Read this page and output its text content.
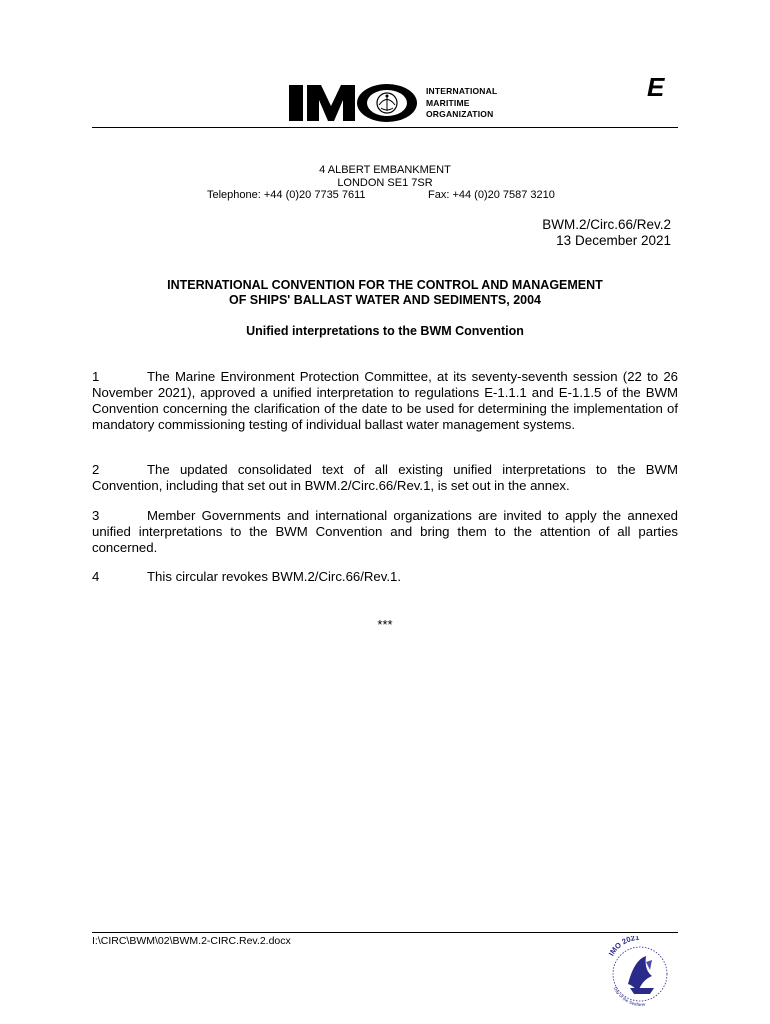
INTERNATIONAL
MARITIME
ORGANIZATION
E
4 ALBERT EMBANKMENT
LONDON SE1 7SR
Telephone: +44 (0)20 7735 7611	Fax: +44 (0)20 7587 3210
BWM.2/Circ.66/Rev.2
13 December 2021
INTERNATIONAL CONVENTION FOR THE CONTROL AND MANAGEMENT
OF SHIPS' BALLAST WATER AND SEDIMENTS, 2004
Unified interpretations to the BWM Convention
1	The Marine Environment Protection Committee, at its seventy-seventh session (22 to 26 November 2021), approved a unified interpretation to regulations E-1.1.1 and E-1.1.5 of the BWM Convention concerning the clarification of the date to be used for determining the implementation of mandatory commissioning testing of individual ballast water management systems.
2	The updated consolidated text of all existing unified interpretations to the BWM Convention, including that set out in BWM.2/Circ.66/Rev.1, is set out in the annex.
3	Member Governments and international organizations are invited to apply the annexed unified interpretations to the BWM Convention and bring them to the attention of all parties concerned.
4	This circular revokes BWM.2/Circ.66/Rev.1.
***
I:\CIRC\BWM\02\BWM.2-CIRC.Rev.2.docx
IMO 2021
Day of the Seafarer
